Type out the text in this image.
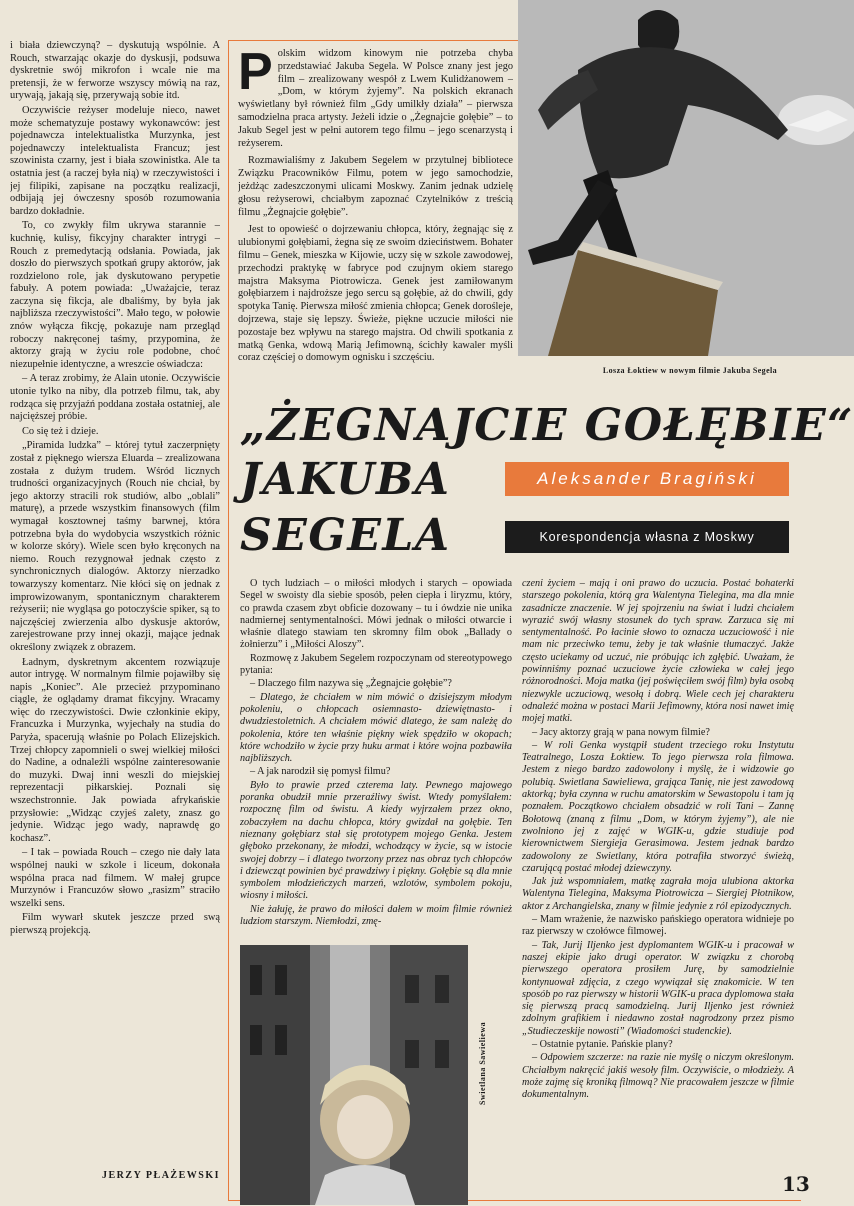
i biała dziewczyną? – dyskutują wspólnie. A Rouch, stwarzając okazje do dyskusji, podsuwa dyskretnie swój mikrofon i wcale nie ma pretensji, że w ferworze wszyscy mówią na raz, urywają, jakają się, przerywają sobie itd.

Oczywiście reżyser modeluje nieco, nawet może schematyzuje postawy wykonawców: jest pojednawcza intelektualistka Murzynka, jest pojednawczy intelektualista Francuz; jest szowinista czarny, jest i biała szowinistka. Ale ta ostatnia jest (a raczej była nią) w rzeczywistości i jej filipiki, zapisane na początku realizacji, odbijają jej ówczesny sposób rozumowania bardzo dokładnie.

To, co zwykły film ukrywa starannie – kuchnię, kulisy, fikcyjny charakter intrygi – Rouch z premedytacją odsłania. Powiada, jak doszło do pierwszych spotkań grupy aktorów, jak rozdzielono role, jak dyskutowano perypetie fabuły. A potem powiada: „Uważajcie, teraz zaczyna się fikcja, ale dbaliśmy, by była jak najbliższa rzeczywistości”. Mało tego, w połowie znów wyłącza fikcję, pokazuje nam przegląd roboczy nakręconej taśmy, przypomina, że aktorzy grają w życiu role podobne, choć niezupełnie identyczne, a wreszcie oświadcza:

– A teraz zrobimy, że Alain utonie. Oczywiście utonie tylko na niby, dla potrzeb filmu, tak, aby rodząca się przyjaźń poddana została ostatniej, ale najcięższej próbie.

Co się też i dzieje.

„Piramida ludzka” – której tytuł zaczerpnięty został z pięknego wiersza Eluarda – zrealizowana została z dużym trudem. Wśród licznych trudności organizacyjnych (Rouch nie chciał, by jego aktorzy stracili rok studiów, albo „oblali” maturę), a przede wszystkim finansowych (film wymagał kosztownej taśmy barwnej, która potrzebna była do wydobycia wszystkich różnic w kolorze skóry). Wiele scen było kręconych na niemo. Rouch rezygnował jednak często z synchronicznych dialogów. Aktorzy nierzadko towarzyszy komentarz. Nie kłóci się on jednak z improwizowanym, spontanicznym charakterem reżyserii; nie wygląsa go potoczyście spiker, są to najczęściej zwierzenia albo dyskusje aktorów, zarejestrowane przy innej okazji, mające jednak określony związek z obrazem.

Ładnym, dyskretnym akcentem rozwiązuje autor intrygę. W normalnym filmie pojawiłby się napis „Koniec”. Ale przecież przypominano ciągle, że oglądamy dramat fikcyjny. Wracamy więc do rzeczywistości. Dwie członkinie ekipy, Francuzka i Murzynka, wyjechały na studia do Paryża, spacerują właśnie po Polach Elizejskich. Trzej chłopcy zapomnieli o swej wielkiej miłości do Nadine, a odnaleźli wspólne zainteresowanie do muzyki. Dwaj inni weszli do miejskiej reprezentacji piłkarskiej. Poznali się wszechstronnie. Jak powiada afrykańskie przysłowie: „Widząc czyjeś zalety, znasz go jedynie. Widząc jego wady, naprawdę go kochasz”.

– I tak – powiada Rouch – czego nie dały lata wspólnej nauki w szkole i liceum, dokonała wspólna praca nad filmem. W małej grupce Murzynów i Francuzów słowo „rasizm” straciło wszelki sens.

Film wywarł skutek jeszcze przed swą pierwszą projekcją.

JERZY PŁAŻEWSKI

Polskim widzom kinowym nie potrzeba chyba przedstawiać Jakuba Segela. W Polsce znany jest jego film – zrealizowany wespół z Lwem Kulidżanowem – „Dom, w którym żyjemy”. Na polskich ekranach wyświetlany był również film „Gdy umilkły działa” – pierwsza samodzielna praca artysty. Jeżeli idzie o „Żegnajcie gołębie” – to Jakub Segel jest w pełni autorem tego filmu – jego scenarzystą i reżyserem.

Rozmawialiśmy z Jakubem Segelem w przytulnej bibliotece Związku Pracowników Filmu, potem w jego samochodzie, jeżdżąc zadeszczonymi ulicami Moskwy. Zanim jednak udzielę głosu reżyserowi, chciałbym zapoznać Czytelników z treścią filmu „Żegnajcie gołębie”.

Jest to opowieść o dojrzewaniu chłopca, który, żegnając się z ulubionymi gołębiami, żegna się ze swoim dzieciństwem. Bohater filmu – Genek, mieszka w Kijowie, uczy się w szkole zawodowej, przechodzi praktykę w fabryce pod czujnym okiem starego majstra Maksyma Piotrowicza. Genek jest zamiłowanym gołębiarzem i najdroższe jego sercu są gołębie, aż do chwili, gdy spotyka Tanię. Pierwsza miłość zmienia chłopca; Genek dorośleje, dojrzewa, staje się lepszy. Świeże, piękne uczucie miłości nie pozostaje bez wpływu na starego majstra. Od chwili spotkania z matką Genka, wdową Marią Jefimowną, ścichły kawaler myśli coraz częściej o domowym ognisku i szczęściu.

Losza Łoktiew w nowym filmie Jakuba Segela
„ŻEGNAJCIE GOŁĘBIE“
JAKUBA
SEGELA
Aleksander Bragiński
Korespondencja własna z Moskwy

O tych ludziach – o miłości młodych i starych – opowiada Segel w swoisty dla siebie sposób, pełen ciepła i liryzmu, który, co prawda czasem zbyt obficie dozowany – tu i ówdzie nie unika nadmiernej sentymentalności. Mówi jednak o miłości otwarcie i właśnie dlatego stawiam ten skromny film obok „Ballady o żołnierzu” i „Miłości Aloszy”.

Rozmowę z Jakubem Segelem rozpoczynam od stereotypowego pytania:

– Dlaczego film nazywa się „Żegnajcie gołębie”?

– Dlatego, że chciałem w nim mówić o dzisiejszym młodym pokoleniu, o chłopcach osiemnasto- dziewiętnasto- i dwudziestoletnich. A chciałem mówić dlatego, że sam należę do pokolenia, które ten właśnie piękny wiek spędziło w okopach; które wchodziło w życie przy huku armat i które wojna pozbawiła najbliższych.

– A jak narodził się pomysł filmu?

Było to prawie przed czterema laty. Pewnego majowego poranka obudził mnie przeraźliwy świst. Wtedy pomyślałem: rozpocznę film od świstu. A kiedy wyjrzałem przez okno, zobaczyłem na dachu chłopca, który gwizdał na gołębie. Ten nieznany gołębiarz stał się prototypem mojego Genka. Jestem głęboko przekonany, że młodzi, wchodzący w życie, są w istocie swojej dobrzy – i dlatego tworzony przez nas obraz tych chłopców i dziewcząt powinien być prawdziwy i piękny. Gołębie są dla mnie symbolem młodzieńczych marzeń, wzlotów, symbolem pokoju, wiosny i miłości.

Nie żałuję, że prawo do miłości dałem w moim filmie również ludziom starszym. Niemłodzi, zmę-

czeni życiem – mają i oni prawo do uczucia. Postać bohaterki starszego pokolenia, którą gra Walentyna Tielegina, ma dla mnie zasadnicze znaczenie. W jej spojrzeniu na świat i ludzi chciałem wyrazić swój własny stosunek do tych spraw. Zarzuca się mi sentymentalność. Po łacinie słowo to oznacza uczuciowość i nie mam nic przeciwko temu, żeby je tak właśnie tłumaczyć. Jakże często uciekamy od uczuć, nie próbując ich zgłębić. Uważam, że powinniśmy poznać uczuciowe życie człowieka w całej jego różnorodności. Moja matka (jej poświęciłem swój film) była osobą niezwykle uczuciową, wesołą i dobrą. Wiele cech jej charakteru odnaleźć można w postaci Marii Jefimowny, która nosi nawet imię mojej matki.

– Jacy aktorzy grają w pana nowym filmie?

– W roli Genka wystąpił student trzeciego roku Instytutu Teatralnego, Losza Łoktiew. To jego pierwsza rola filmowa. Jestem z niego bardzo zadowolony i myślę, że i widzowie go polubią. Swietlana Sawieliewa, grająca Tanię, nie jest zawodową aktorką; była czynna w ruchu amatorskim w Sewastopolu i tam ją poznałem. Początkowo chciałem obsadzić w roli Tani – Zannę Bołotową (znaną z filmu „Dom, w którym żyjemy”), ale nie zwolniono jej z zajęć w WGIK-u, gdzie studiuje pod kierownictwem Siergieja Gerasimowa. Jestem jednak bardzo zadowolony ze Swietlany, która potrafiła stworzyć świeżą, czarującą postać młodej dziewczyny.

Jak już wspomniałem, matkę zagrała moja ulubiona aktorka Walentyna Tielegina, Maksyma Piotrowicza – Siergiej Płotnikow, aktor z Archangielska, znany w filmie jedynie z ról epizodycznych.

– Mam wrażenie, że nazwisko pańskiego operatora widnieje po raz pierwszy w czołówce filmowej.

– Tak, Jurij Iljenko jest dyplomantem WGIK-u i pracował w naszej ekipie jako drugi operator. W związku z chorobą pierwszego operatora prosiłem Jurę, by samodzielnie kontynuował zdjęcia, z czego wywiązał się znakomicie. W ten sposób po raz pierwszy w historii WGIK-u praca dyplomowa stała się pierwszą pracą samodzielną. Jurij Iljenko jest również zdolnym grafikiem i niedawno został nagrodzony przez pismo „Studieczeskije nowosti” (Wiadomości studenckie).

– Ostatnie pytanie. Pańskie plany?

– Odpowiem szczerze: na razie nie myślę o niczym określonym. Chciałbym nakręcić jakiś wesoły film. Oczywiście, o młodzieży. A może zajmę się kroniką filmową? Nie pracowałem jeszcze w filmie dokumentalnym.

Swietlana Sawieliewa
13
